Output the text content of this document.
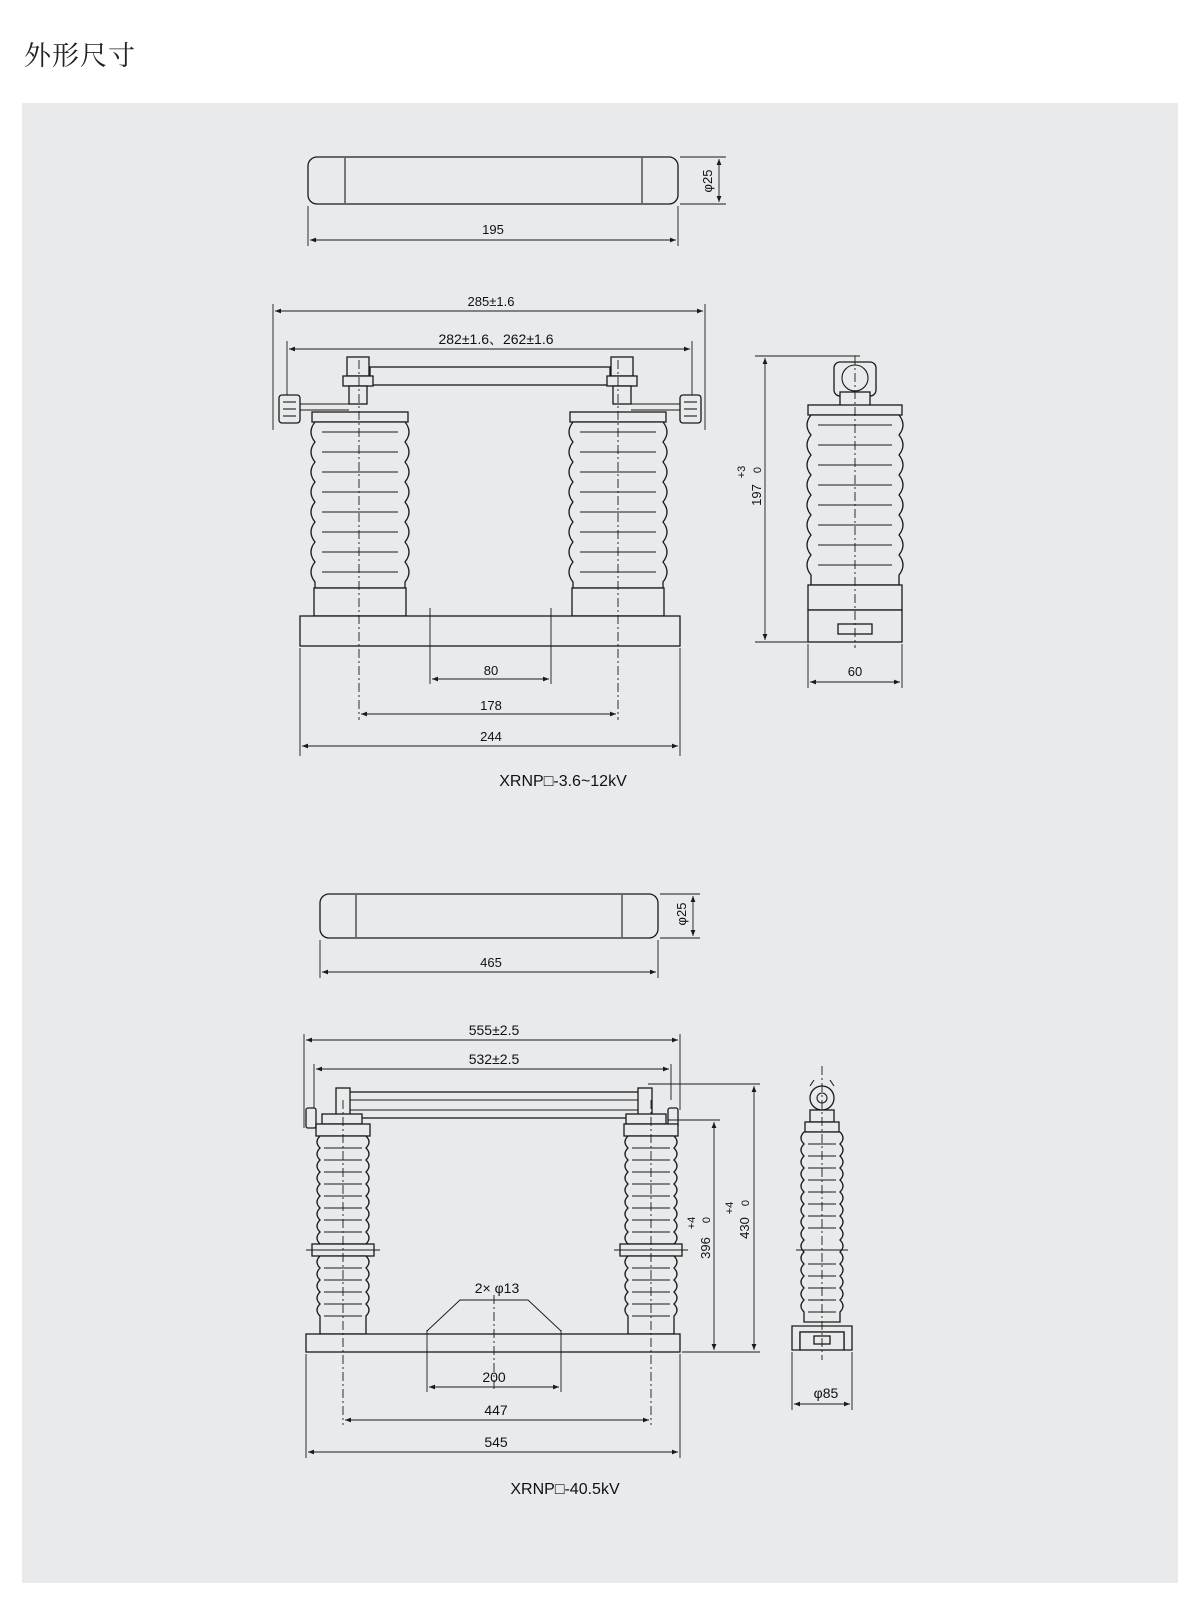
外形尺寸
195
φ25
285±1.6
282±1.6、262±1.6
80
178
244
XRNP□-3.6~12kV
197
+3 0
60
465
φ25
555±2.5
532±2.5
2× φ13
200
447
545
396
+4 0 430
+4 0
XRNP□-40.5kV
φ85
